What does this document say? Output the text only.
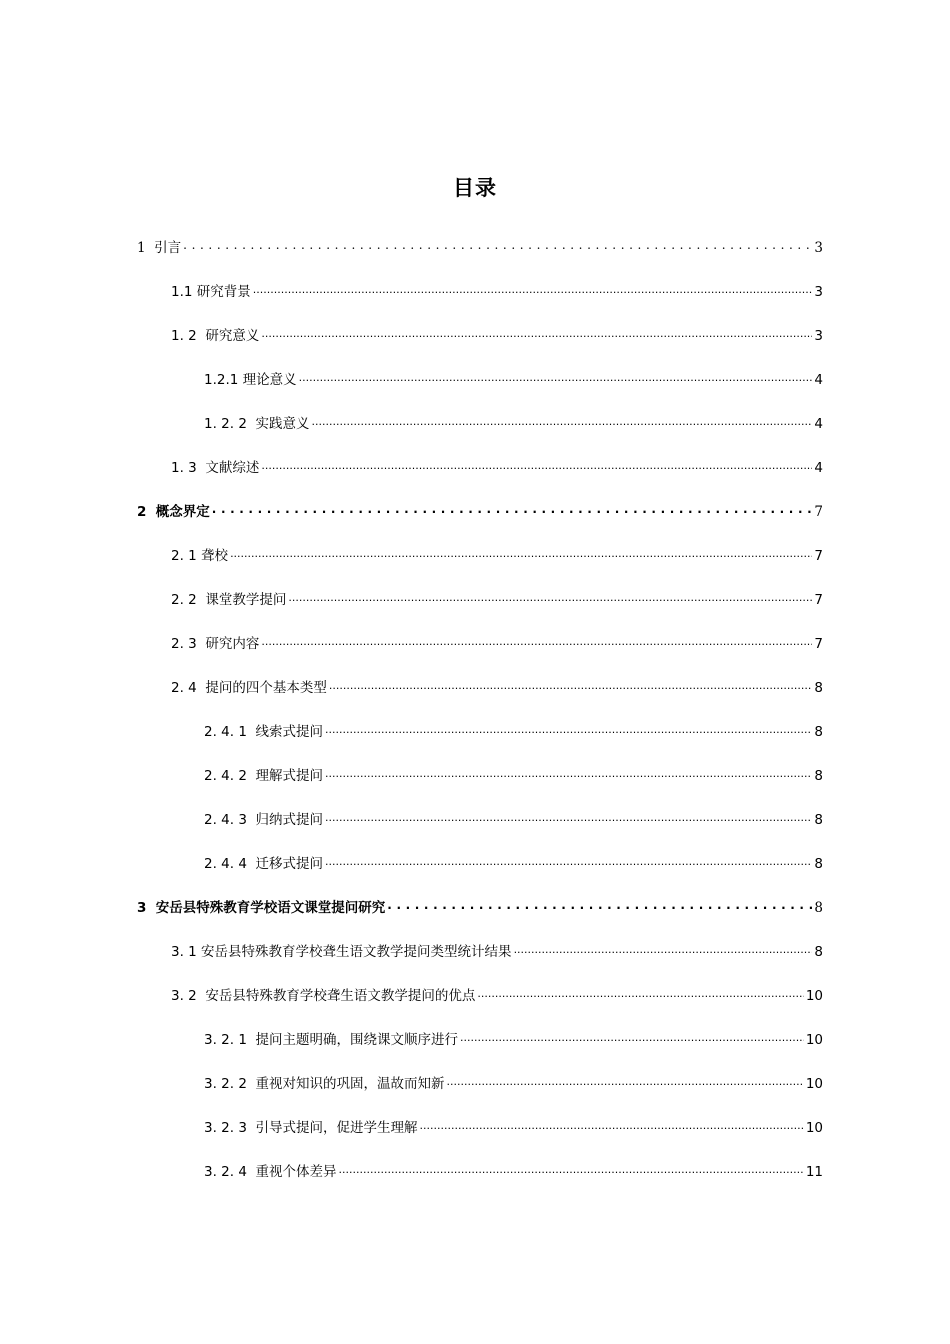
目录
1  引言 .....	3
1.1 研究背景 .....	3
1. 2  研究意义 .....	3
1.2.1 理论意义 .....	4
1. 2. 2  实践意义 .....	4
1. 3  文献综述 .....	4
2  概念界定 .....	7
2. 1 聋校 .....	7
2. 2  课堂教学提问 .....	7
2. 3  研究内容 .....	7
2. 4  提问的四个基本类型 .....	8
2. 4. 1  线索式提问 .....	8
2. 4. 2  理解式提问 .....	8
2. 4. 3  归纳式提问 .....	8
2. 4. 4  迁移式提问 .....	8
3  安岳县特殊教育学校语文课堂提问研究 .....	8
3. 1 安岳县特殊教育学校聋生语文教学提问类型统计结果 .....	8
3. 2  安岳县特殊教育学校聋生语文教学提问的优点 .....	10
3. 2. 1  提问主题明确，围绕课文顺序进行 .....	10
3. 2. 2  重视对知识的巩固，温故而知新 .....	10
3. 2. 3  引导式提问，促进学生理解 .....	10
3. 2. 4  重视个体差异 .....	11
